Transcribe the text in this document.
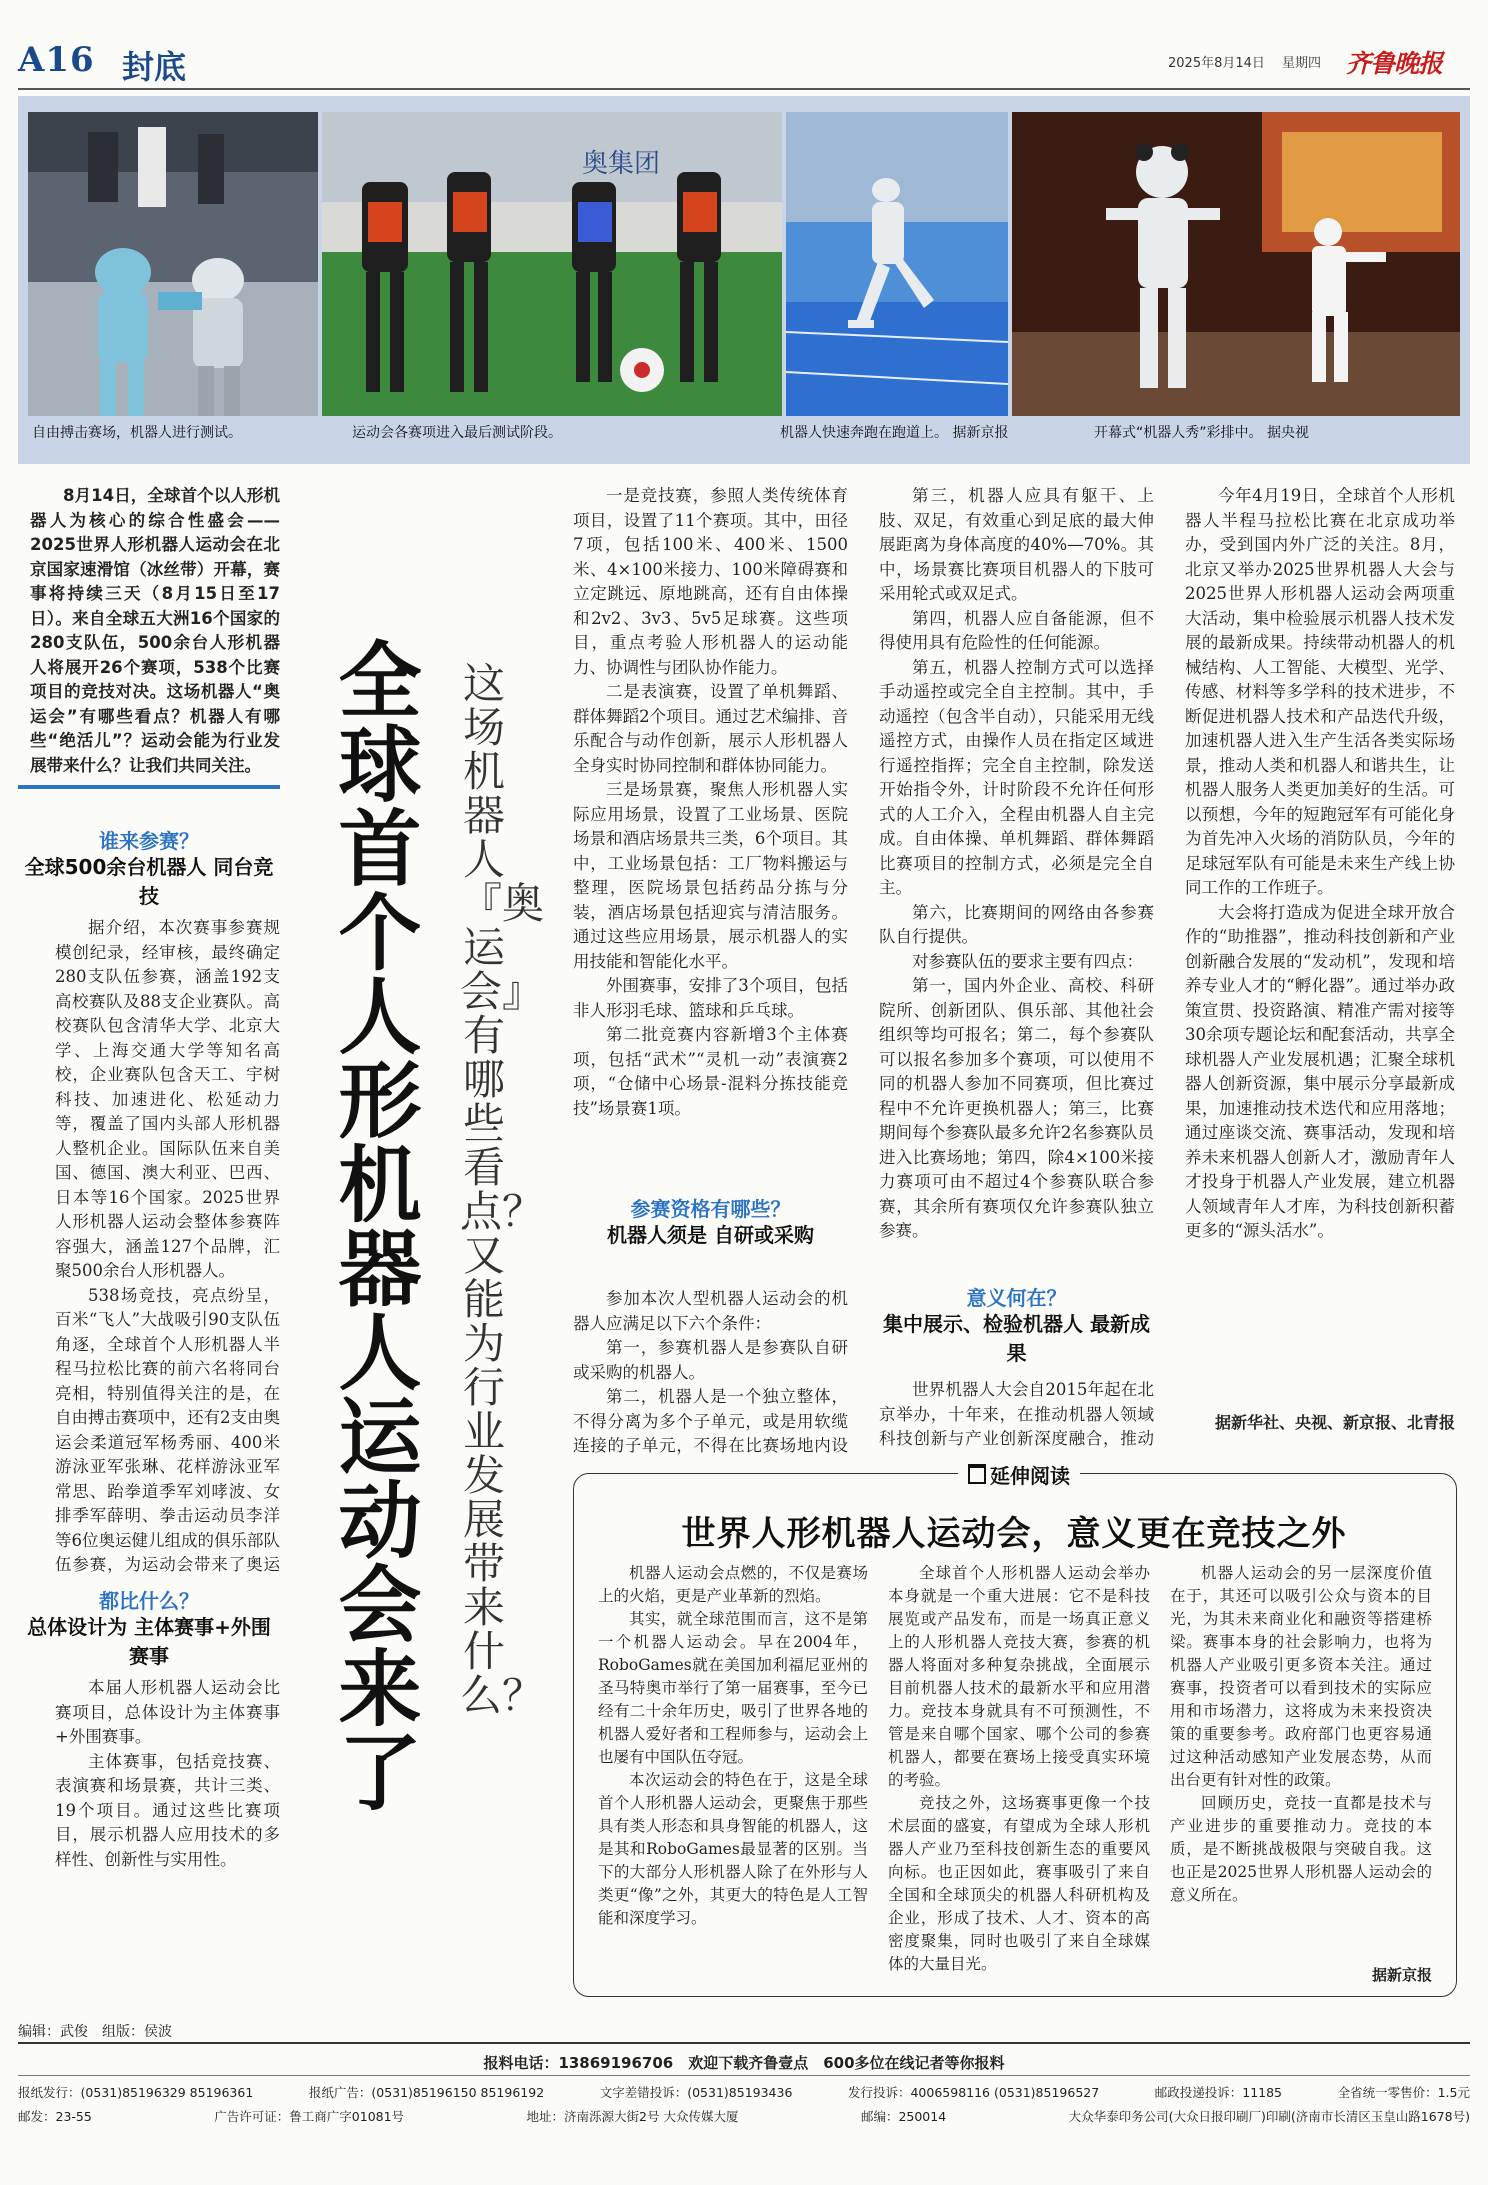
A16 封底	2025年8月14日 星期四 齐鲁晚报
奥集团
自由搏击赛场，机器人进行测试。	运动会各赛项进入最后测试阶段。	机器人快速奔跑在跑道上。 据新京报	开幕式“机器人秀”彩排中。 据央视

8月14日，全球首个以人形机器人为核心的综合性盛会——2025世界人形机器人运动会在北京国家速滑馆（冰丝带）开幕，赛事将持续三天（8月15日至17日）。来自全球五大洲16个国家的280支队伍，500余台人形机器人将展开26个赛项，538个比赛项目的竞技对决。这场机器人“奥运会”有哪些看点？机器人有哪些“绝活儿”？运动会能为行业发展带来什么？让我们共同关注。

谁来参赛？
全球500余台机器人 同台竞技

据介绍，本次赛事参赛规模创纪录，经审核，最终确定280支队伍参赛，涵盖192支高校赛队及88支企业赛队。高校赛队包含清华大学、北京大学、上海交通大学等知名高校，企业赛队包含天工、宇树科技、加速进化、松延动力等，覆盖了国内头部人形机器人整机企业。国际队伍来自美国、德国、澳大利亚、巴西、日本等16个国家。2025世界人形机器人运动会整体参赛阵容强大，涵盖127个品牌，汇聚500余台人形机器人。

538场竞技，亮点纷呈，百米“飞人”大战吸引90支队伍角逐，全球首个人形机器人半程马拉松比赛的前六名将同台亮相，特别值得关注的是，在自由搏击赛项中，还有2支由奥运会柔道冠军杨秀丽、400米游泳亚军张琳、花样游泳亚军常思、跆拳道季军刘哮波、女排季军薛明、拳击运动员李洋等6位奥运健儿组成的俱乐部队伍参赛，为运动会带来了奥运

都比什么？
总体设计为 主体赛事+外围赛事

本届人形机器人运动会比赛项目，总体设计为主体赛事+外围赛事。

主体赛事，包括竞技赛、表演赛和场景赛，共计三类、19个项目。通过这些比赛项目，展示机器人应用技术的多样性、创新性与实用性。

全球首个人形机器人运动会来了
这场机器人『奥运会』有哪些看点？又能为行业发展带来什么？

一是竞技赛，参照人类传统体育项目，设置了11个赛项。其中，田径7项，包括100米、400米、1500米、4×100米接力、100米障碍赛和立定跳远、原地跳高，还有自由体操和2v2、3v3、5v5足球赛。这些项目，重点考验人形机器人的运动能力、协调性与团队协作能力。

二是表演赛，设置了单机舞蹈、群体舞蹈2个项目。通过艺术编排、音乐配合与动作创新，展示人形机器人全身实时协同控制和群体协同能力。

三是场景赛，聚焦人形机器人实际应用场景，设置了工业场景、医院场景和酒店场景共三类，6个项目。其中，工业场景包括：工厂物料搬运与整理，医院场景包括药品分拣与分装，酒店场景包括迎宾与清洁服务。通过这些应用场景，展示机器人的实用技能和智能化水平。

外围赛事，安排了3个项目，包括非人形羽毛球、篮球和乒乓球。

第二批竞赛内容新增3个主体赛项，包括“武术”“灵机一动”表演赛2项，“仓储中心场景-混料分拣技能竞技”场景赛1项。

参赛资格有哪些？
机器人须是 自研或采购

参加本次人型机器人运动会的机器人应满足以下六个条件：

第一，参赛机器人是参赛队自研或采购的机器人。

第二，机器人是一个独立整体，不得分离为多个子单元，或是用软缆连接的子单元，不得在比赛场地内设

第三，机器人应具有躯干、上肢、双足，有效重心到足底的最大伸展距离为身体高度的40%—70%。其中，场景赛比赛项目机器人的下肢可采用轮式或双足式。

第四，机器人应自备能源，但不得使用具有危险性的任何能源。

第五，机器人控制方式可以选择手动遥控或完全自主控制。其中，手动遥控（包含半自动），只能采用无线遥控方式，由操作人员在指定区域进行遥控指挥；完全自主控制，除发送开始指令外，计时阶段不允许任何形式的人工介入，全程由机器人自主完成。自由体操、单机舞蹈、群体舞蹈比赛项目的控制方式，必须是完全自主。

第六，比赛期间的网络由各参赛队自行提供。

对参赛队伍的要求主要有四点：

第一，国内外企业、高校、科研院所、创新团队、俱乐部、其他社会组织等均可报名；第二，每个参赛队可以报名参加多个赛项，可以使用不同的机器人参加不同赛项，但比赛过程中不允许更换机器人；第三，比赛期间每个参赛队最多允许2名参赛队员进入比赛场地；第四，除4×100米接力赛项可由不超过4个参赛队联合参赛，其余所有赛项仅允许参赛队独立参赛。

意义何在？
集中展示、检验机器人 最新成果

世界机器人大会自2015年起在北京举办，十年来，在推动机器人领域科技创新与产业创新深度融合，推动

今年4月19日，全球首个人形机器人半程马拉松比赛在北京成功举办，受到国内外广泛的关注。8月，北京又举办2025世界机器人大会与2025世界人形机器人运动会两项重大活动，集中检验展示机器人技术发展的最新成果。持续带动机器人的机械结构、人工智能、大模型、光学、传感、材料等多学科的技术进步，不断促进机器人技术和产品迭代升级，加速机器人进入生产生活各类实际场景，推动人类和机器人和谐共生，让机器人服务人类更加美好的生活。可以预想，今年的短跑冠军有可能化身为首先冲入火场的消防队员，今年的足球冠军队有可能是未来生产线上协同工作的工作班子。

大会将打造成为促进全球开放合作的“助推器”，推动科技创新和产业创新融合发展的“发动机”，发现和培养专业人才的“孵化器”。通过举办政策宣贯、投资路演、精准产需对接等30余项专题论坛和配套活动，共享全球机器人产业发展机遇；汇聚全球机器人创新资源，集中展示分享最新成果，加速推动技术迭代和应用落地；通过座谈交流、赛事活动，发现和培养未来机器人创新人才，激励青年人才投身于机器人产业发展，建立机器人领域青年人才库，为科技创新积蓄更多的“源头活水”。

据新华社、央视、新京报、北青报
延伸阅读
世界人形机器人运动会，意义更在竞技之外

机器人运动会点燃的，不仅是赛场上的火焰，更是产业革新的烈焰。

其实，就全球范围而言，这不是第一个机器人运动会。早在2004年，RoboGames就在美国加利福尼亚州的圣马特奥市举行了第一届赛事，至今已经有二十余年历史，吸引了世界各地的机器人爱好者和工程师参与，运动会上也屡有中国队伍夺冠。

本次运动会的特色在于，这是全球首个人形机器人运动会，更聚焦于那些具有类人形态和具身智能的机器人，这是其和RoboGames最显著的区别。当下的大部分人形机器人除了在外形与人类更“像”之外，其更大的特色是人工智能和深度学习。

全球首个人形机器人运动会举办本身就是一个重大进展：它不是科技展览或产品发布，而是一场真正意义上的人形机器人竞技大赛，参赛的机器人将面对多种复杂挑战，全面展示目前机器人技术的最新水平和应用潜力。竞技本身就具有不可预测性，不管是来自哪个国家、哪个公司的参赛机器人，都要在赛场上接受真实环境的考验。

竞技之外，这场赛事更像一个技术层面的盛宴，有望成为全球人形机器人产业乃至科技创新生态的重要风向标。也正因如此，赛事吸引了来自全国和全球顶尖的机器人科研机构及企业，形成了技术、人才、资本的高密度聚集，同时也吸引了来自全球媒体的大量目光。

机器人运动会的另一层深度价值在于，其还可以吸引公众与资本的目光，为其未来商业化和融资等搭建桥梁。赛事本身的社会影响力，也将为机器人产业吸引更多资本关注。通过赛事，投资者可以看到技术的实际应用和市场潜力，这将成为未来投资决策的重要参考。政府部门也更容易通过这种活动感知产业发展态势，从而出台更有针对性的政策。

回顾历史，竞技一直都是技术与产业进步的重要推动力。竞技的本质，是不断挑战极限与突破自我。这也正是2025世界人形机器人运动会的意义所在。

据新京报
编辑：武俊　组版：侯波
报料电话：13869196706　欢迎下载齐鲁壹点　600多位在线记者等你报料
报纸发行：(0531)85196329 85196361	报纸广告：(0531)85196150 85196192	文字差错投诉：(0531)85193436	发行投诉：4006598116 (0531)85196527	邮政投递投诉：11185	全省统一零售价：1.5元
邮发：23-55	广告许可证：鲁工商广字01081号	地址：济南泺源大街2号 大众传媒大厦	邮编：250014	大众华泰印务公司(大众日报印刷厂)印刷(济南市长清区玉皇山路1678号)
